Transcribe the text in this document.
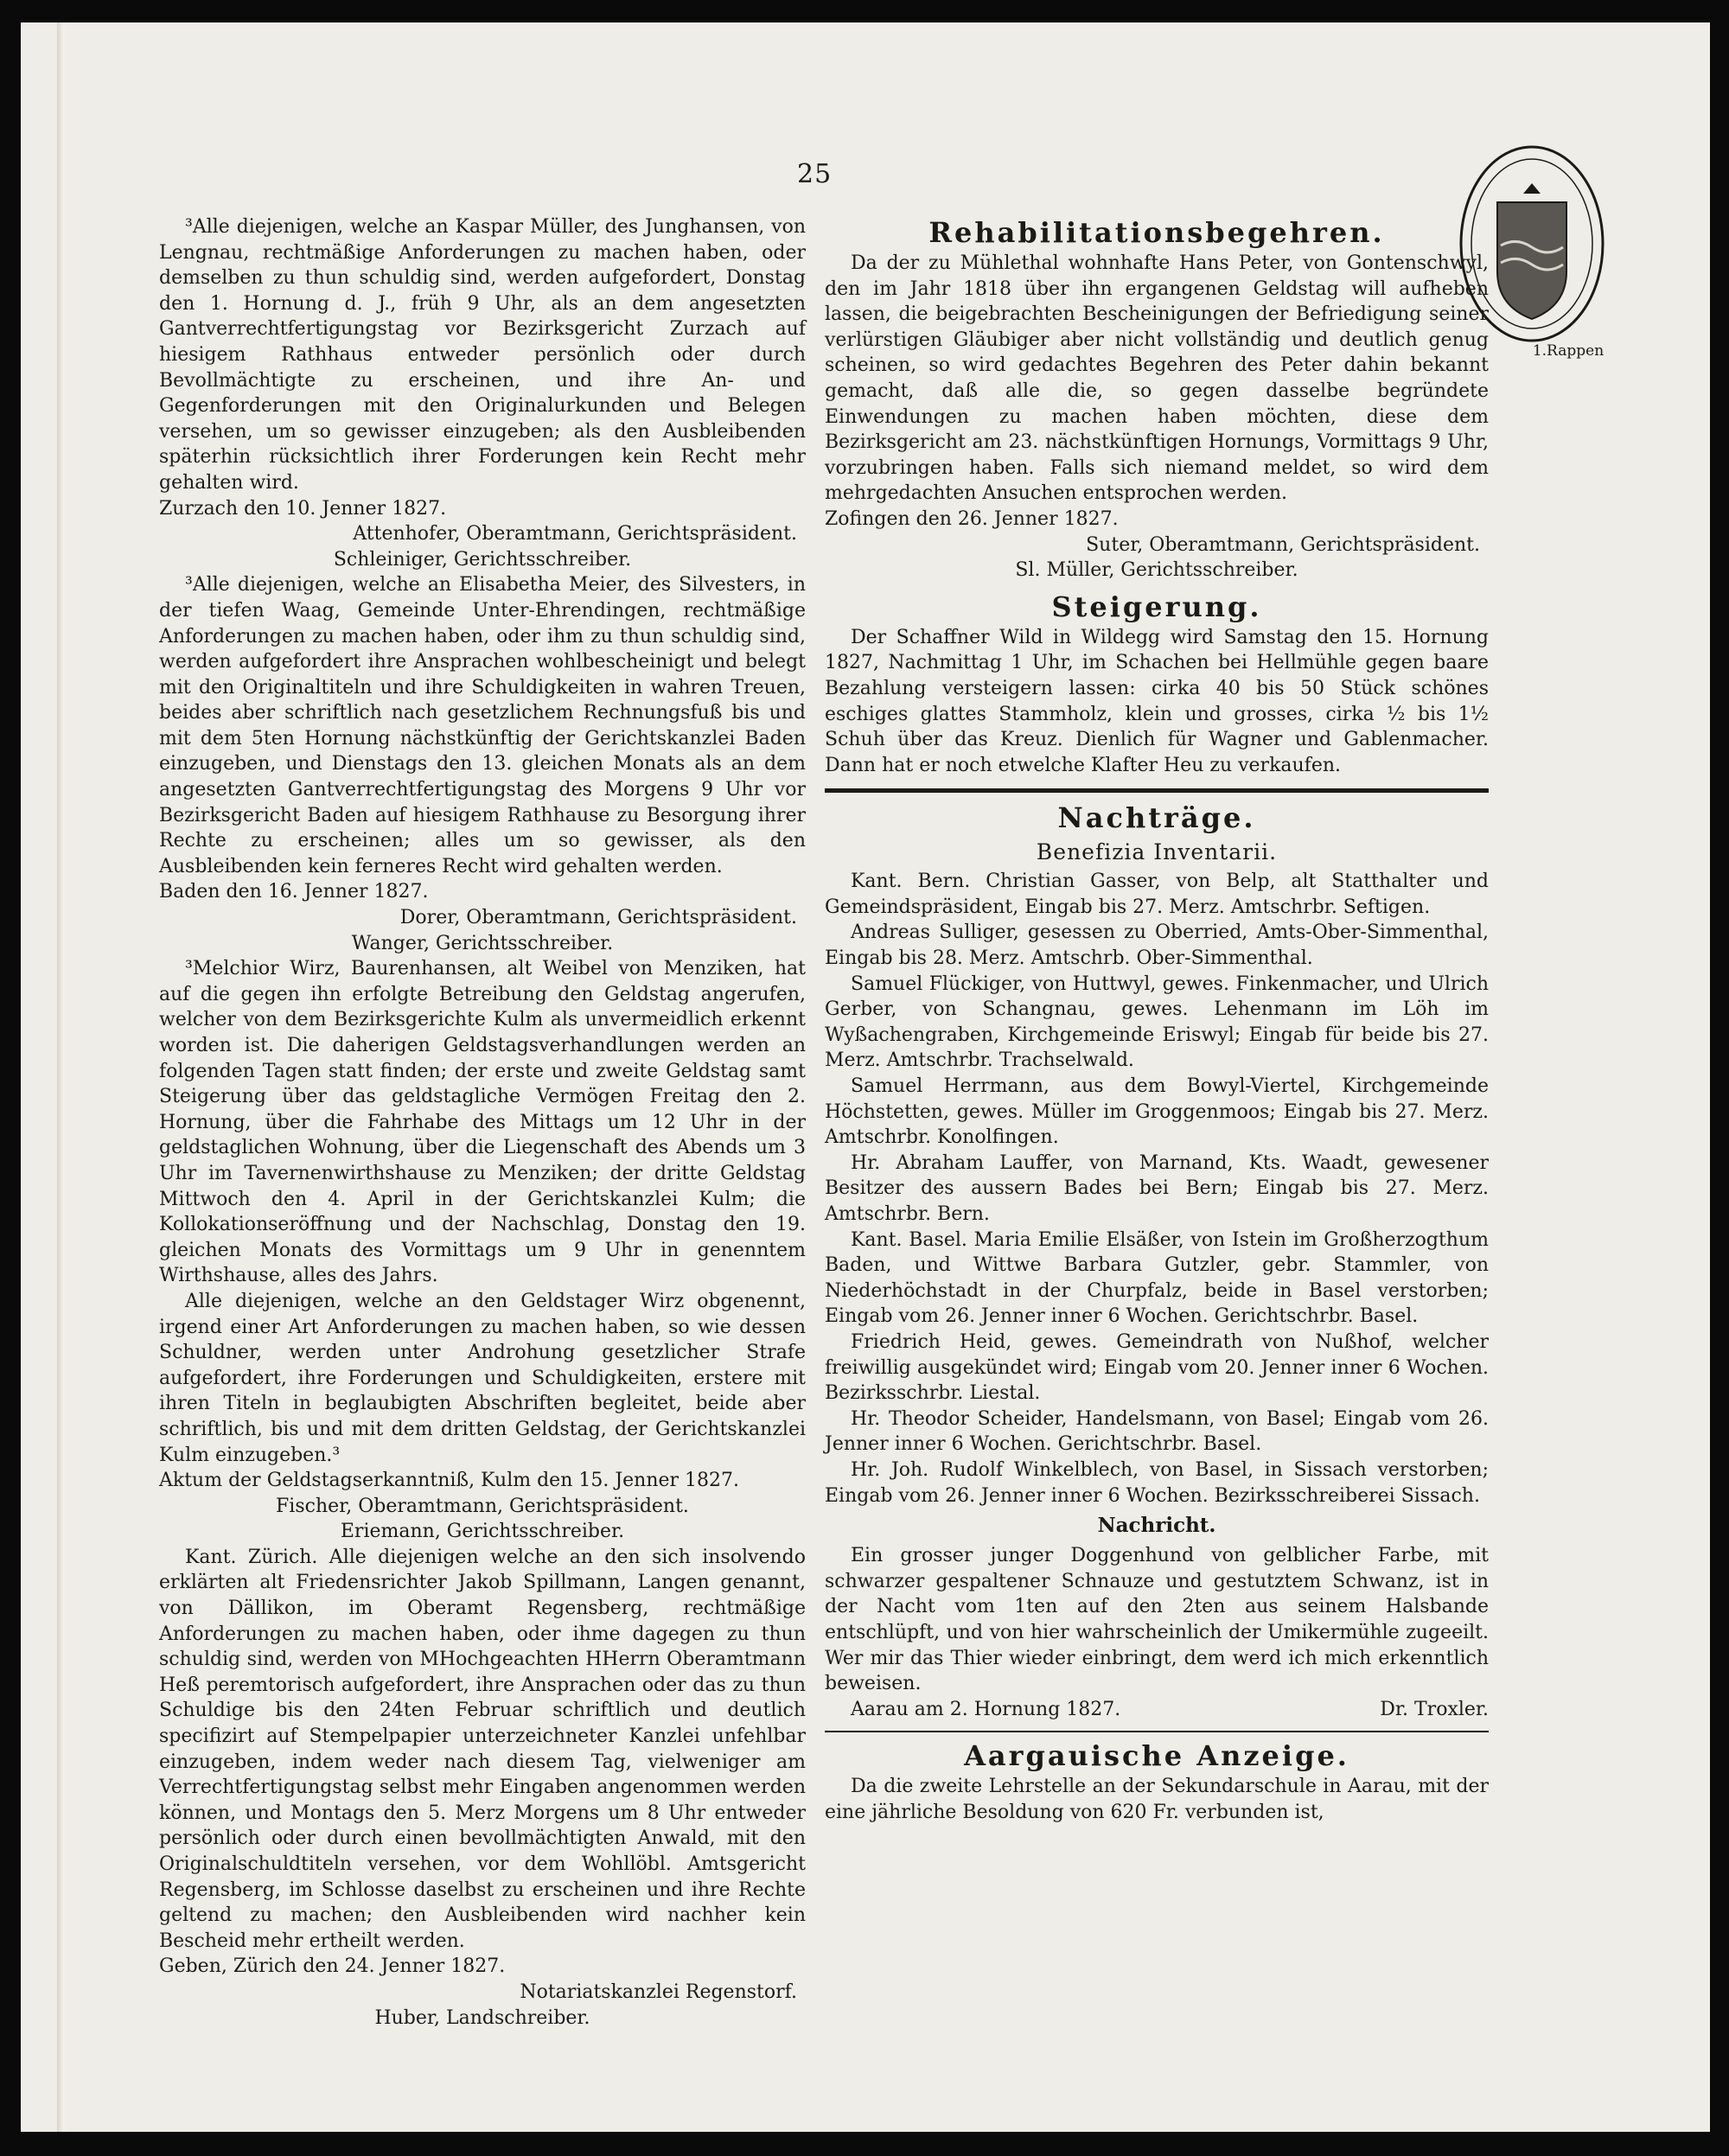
25
1.Rappen

³Alle diejenigen, welche an Kaspar Müller, des Junghansen, von Lengnau, rechtmäßige Anforderungen zu machen haben, oder demselben zu thun schuldig sind, werden aufgefordert, Donstag den 1. Hornung d. J., früh 9 Uhr, als an dem angesetzten Gantverrechtfertigungstag vor Bezirksgericht Zurzach auf hiesigem Rathhaus entweder persönlich oder durch Bevollmächtigte zu erscheinen, und ihre An- und Gegenforderungen mit den Originalurkunden und Belegen versehen, um so gewisser einzugeben; als den Ausbleibenden späterhin rücksichtlich ihrer Forderungen kein Recht mehr gehalten wird.

Zurzach den 10. Jenner 1827.

Attenhofer, Oberamtmann, Gerichtspräsident.

Schleiniger, Gerichtsschreiber.

³Alle diejenigen, welche an Elisabetha Meier, des Silvesters, in der tiefen Waag, Gemeinde Unter-Ehrendingen, rechtmäßige Anforderungen zu machen haben, oder ihm zu thun schuldig sind, werden aufgefordert ihre Ansprachen wohlbescheinigt und belegt mit den Originaltiteln und ihre Schuldigkeiten in wahren Treuen, beides aber schriftlich nach gesetzlichem Rechnungsfuß bis und mit dem 5ten Hornung nächstkünftig der Gerichtskanzlei Baden einzugeben, und Dienstags den 13. gleichen Monats als an dem angesetzten Gantverrechtfertigungstag des Morgens 9 Uhr vor Bezirksgericht Baden auf hiesigem Rathhause zu Besorgung ihrer Rechte zu erscheinen; alles um so gewisser, als den Ausbleibenden kein ferneres Recht wird gehalten werden.

Baden den 16. Jenner 1827.

Dorer, Oberamtmann, Gerichtspräsident.

Wanger, Gerichtsschreiber.

³Melchior Wirz, Baurenhansen, alt Weibel von Menziken, hat auf die gegen ihn erfolgte Betreibung den Geldstag angerufen, welcher von dem Bezirksgerichte Kulm als unvermeidlich erkennt worden ist. Die daherigen Geldstagsverhandlungen werden an folgenden Tagen statt finden; der erste und zweite Geldstag samt Steigerung über das geldstagliche Vermögen Freitag den 2. Hornung, über die Fahrhabe des Mittags um 12 Uhr in der geldstaglichen Wohnung, über die Liegenschaft des Abends um 3 Uhr im Tavernenwirthshause zu Menziken; der dritte Geldstag Mittwoch den 4. April in der Gerichtskanzlei Kulm; die Kollokationseröffnung und der Nachschlag, Donstag den 19. gleichen Monats des Vormittags um 9 Uhr in genenntem Wirthshause, alles des Jahrs.

Alle diejenigen, welche an den Geldstager Wirz obgenennt, irgend einer Art Anforderungen zu machen haben, so wie dessen Schuldner, werden unter Androhung gesetzlicher Strafe aufgefordert, ihre Forderungen und Schuldigkeiten, erstere mit ihren Titeln in beglaubigten Abschriften begleitet, beide aber schriftlich, bis und mit dem dritten Geldstag, der Gerichtskanzlei Kulm einzugeben.³

Aktum der Geldstagserkanntniß, Kulm den 15. Jenner 1827.

Fischer, Oberamtmann, Gerichtspräsident.

Eriemann, Gerichtsschreiber.

Kant. Zürich. Alle diejenigen welche an den sich insolvendo erklärten alt Friedensrichter Jakob Spillmann, Langen genannt, von Dällikon, im Oberamt Regensberg, rechtmäßige Anforderungen zu machen haben, oder ihme dagegen zu thun schuldig sind, werden von MHochgeachten HHerrn Oberamtmann Heß peremtorisch aufgefordert, ihre Ansprachen oder das zu thun Schuldige bis den 24ten Februar schriftlich und deutlich specifizirt auf Stempelpapier unterzeichneter Kanzlei unfehlbar einzugeben, indem weder nach diesem Tag, vielweniger am Verrechtfertigungstag selbst mehr Eingaben angenommen werden können, und Montags den 5. Merz Morgens um 8 Uhr entweder persönlich oder durch einen bevollmächtigten Anwald, mit den Originalschuldtiteln versehen, vor dem Wohllöbl. Amtsgericht Regensberg, im Schlosse daselbst zu erscheinen und ihre Rechte geltend zu machen; den Ausbleibenden wird nachher kein Bescheid mehr ertheilt werden.

Geben, Zürich den 24. Jenner 1827.

Notariatskanzlei Regenstorf.

Huber, Landschreiber.

Rehabilitationsbegehren.

Da der zu Mühlethal wohnhafte Hans Peter, von Gontenschwyl, den im Jahr 1818 über ihn ergangenen Geldstag will aufheben lassen, die beigebrachten Bescheinigungen der Befriedigung seiner verlürstigen Gläubiger aber nicht vollständig und deutlich genug scheinen, so wird gedachtes Begehren des Peter dahin bekannt gemacht, daß alle die, so gegen dasselbe begründete Einwendungen zu machen haben möchten, diese dem Bezirksgericht am 23. nächstkünftigen Hornungs, Vormittags 9 Uhr, vorzubringen haben. Falls sich niemand meldet, so wird dem mehrgedachten Ansuchen entsprochen werden.

Zofingen den 26. Jenner 1827.

Suter, Oberamtmann, Gerichtspräsident.

Sl. Müller, Gerichtsschreiber.

Steigerung.

Der Schaffner Wild in Wildegg wird Samstag den 15. Hornung 1827, Nachmittag 1 Uhr, im Schachen bei Hellmühle gegen baare Bezahlung versteigern lassen: cirka 40 bis 50 Stück schönes eschiges glattes Stammholz, klein und grosses, cirka ½ bis 1½ Schuh über das Kreuz. Dienlich für Wagner und Gablenmacher. Dann hat er noch etwelche Klafter Heu zu verkaufen.

Nachträge.
Benefizia Inventarii.

Kant. Bern. Christian Gasser, von Belp, alt Statthalter und Gemeindspräsident, Eingab bis 27. Merz. Amtschrbr. Seftigen.

Andreas Sulliger, gesessen zu Oberried, Amts-Ober-Simmenthal, Eingab bis 28. Merz. Amtschrb. Ober-Simmenthal.

Samuel Flückiger, von Huttwyl, gewes. Finkenmacher, und Ulrich Gerber, von Schangnau, gewes. Lehenmann im Löh im Wyßachengraben, Kirchgemeinde Eriswyl; Eingab für beide bis 27. Merz. Amtschrbr. Trachselwald.

Samuel Herrmann, aus dem Bowyl-Viertel, Kirchgemeinde Höchstetten, gewes. Müller im Groggenmoos; Eingab bis 27. Merz. Amtschrbr. Konolfingen.

Hr. Abraham Lauffer, von Marnand, Kts. Waadt, gewesener Besitzer des aussern Bades bei Bern; Eingab bis 27. Merz. Amtschrbr. Bern.

Kant. Basel. Maria Emilie Elsäßer, von Istein im Großherzogthum Baden, und Wittwe Barbara Gutzler, gebr. Stammler, von Niederhöchstadt in der Churpfalz, beide in Basel verstorben; Eingab vom 26. Jenner inner 6 Wochen. Gerichtschrbr. Basel.

Friedrich Heid, gewes. Gemeindrath von Nußhof, welcher freiwillig ausgekündet wird; Eingab vom 20. Jenner inner 6 Wochen. Bezirksschrbr. Liestal.

Hr. Theodor Scheider, Handelsmann, von Basel; Eingab vom 26. Jenner inner 6 Wochen. Gerichtschrbr. Basel.

Hr. Joh. Rudolf Winkelblech, von Basel, in Sissach verstorben; Eingab vom 26. Jenner inner 6 Wochen. Bezirksschreiberei Sissach.

Nachricht.

Ein grosser junger Doggenhund von gelblicher Farbe, mit schwarzer gespaltener Schnauze und gestutztem Schwanz, ist in der Nacht vom 1ten auf den 2ten aus seinem Halsbande entschlüpft, und von hier wahrscheinlich der Umikermühle zugeeilt. Wer mir das Thier wieder einbringt, dem werd ich mich erkenntlich beweisen.

Aarau am 2. Hornung 1827.	Dr. Troxler.
Aargauische Anzeige.

Da die zweite Lehrstelle an der Sekundarschule in Aarau, mit der eine jährliche Besoldung von 620 Fr. verbunden ist,
